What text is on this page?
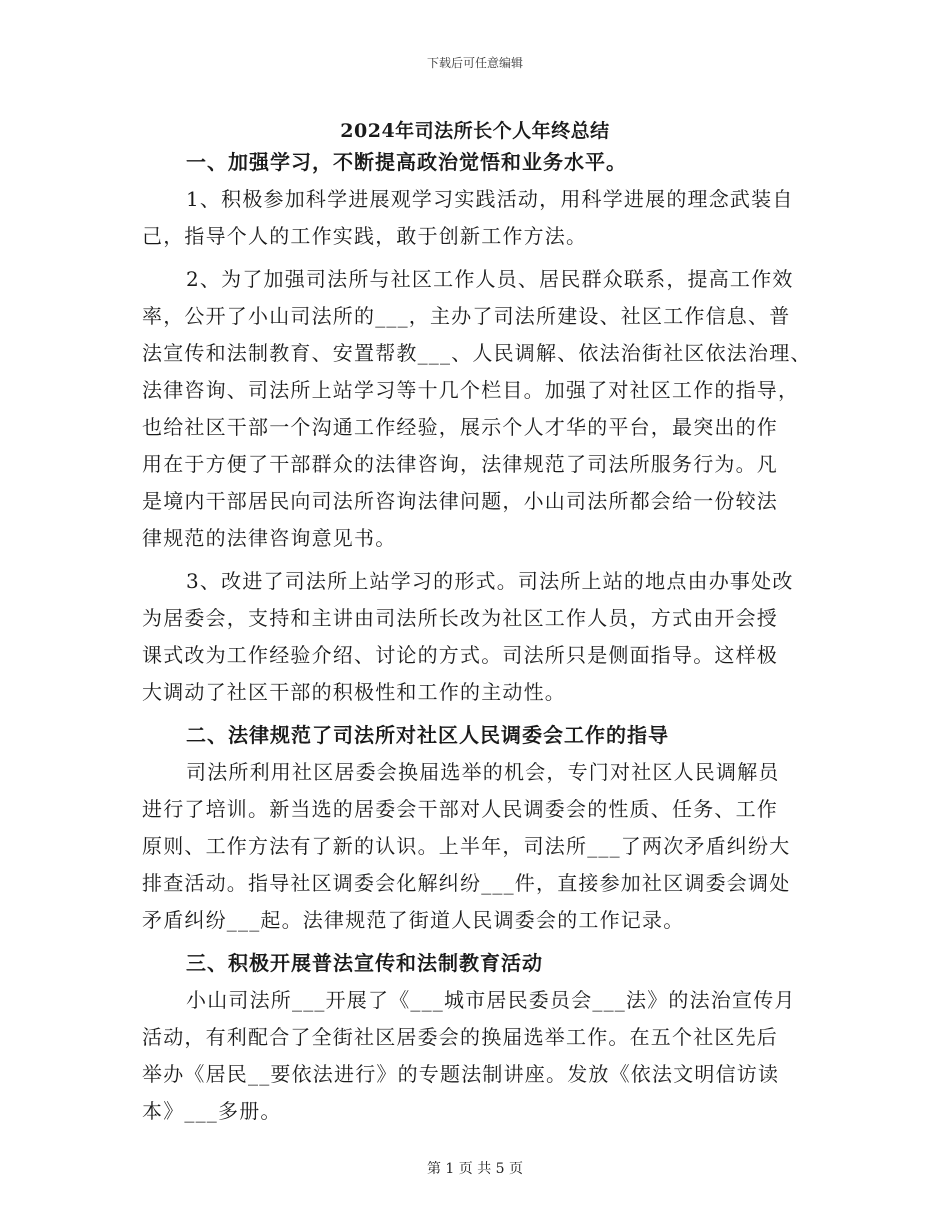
下载后可任意编辑
2024年司法所长个人年终总结
一、加强学习，不断提高政治觉悟和业务水平。
1、积极参加科学进展观学习实践活动，用科学进展的理念武装自
己，指导个人的工作实践，敢于创新工作方法。
2、为了加强司法所与社区工作人员、居民群众联系，提高工作效
率，公开了小山司法所的___，主办了司法所建设、社区工作信息、普
法宣传和法制教育、安置帮教___、人民调解、依法治街社区依法治理、
法律咨询、司法所上站学习等十几个栏目。加强了对社区工作的指导，
也给社区干部一个沟通工作经验，展示个人才华的平台，最突出的作
用在于方便了干部群众的法律咨询，法律规范了司法所服务行为。凡
是境内干部居民向司法所咨询法律问题，小山司法所都会给一份较法
律规范的法律咨询意见书。
3、改进了司法所上站学习的形式。司法所上站的地点由办事处改
为居委会，支持和主讲由司法所长改为社区工作人员，方式由开会授
课式改为工作经验介绍、讨论的方式。司法所只是侧面指导。这样极
大调动了社区干部的积极性和工作的主动性。
二、法律规范了司法所对社区人民调委会工作的指导
司法所利用社区居委会换届选举的机会，专门对社区人民调解员
进行了培训。新当选的居委会干部对人民调委会的性质、任务、工作
原则、工作方法有了新的认识。上半年，司法所___了两次矛盾纠纷大
排查活动。指导社区调委会化解纠纷___件，直接参加社区调委会调处
矛盾纠纷___起。法律规范了街道人民调委会的工作记录。
三、积极开展普法宣传和法制教育活动
小山司法所___开展了《___城市居民委员会___法》的法治宣传月
活动，有利配合了全街社区居委会的换届选举工作。在五个社区先后
举办《居民__要依法进行》的专题法制讲座。发放《依法文明信访读
本》___多册。
第 1 页 共 5 页
